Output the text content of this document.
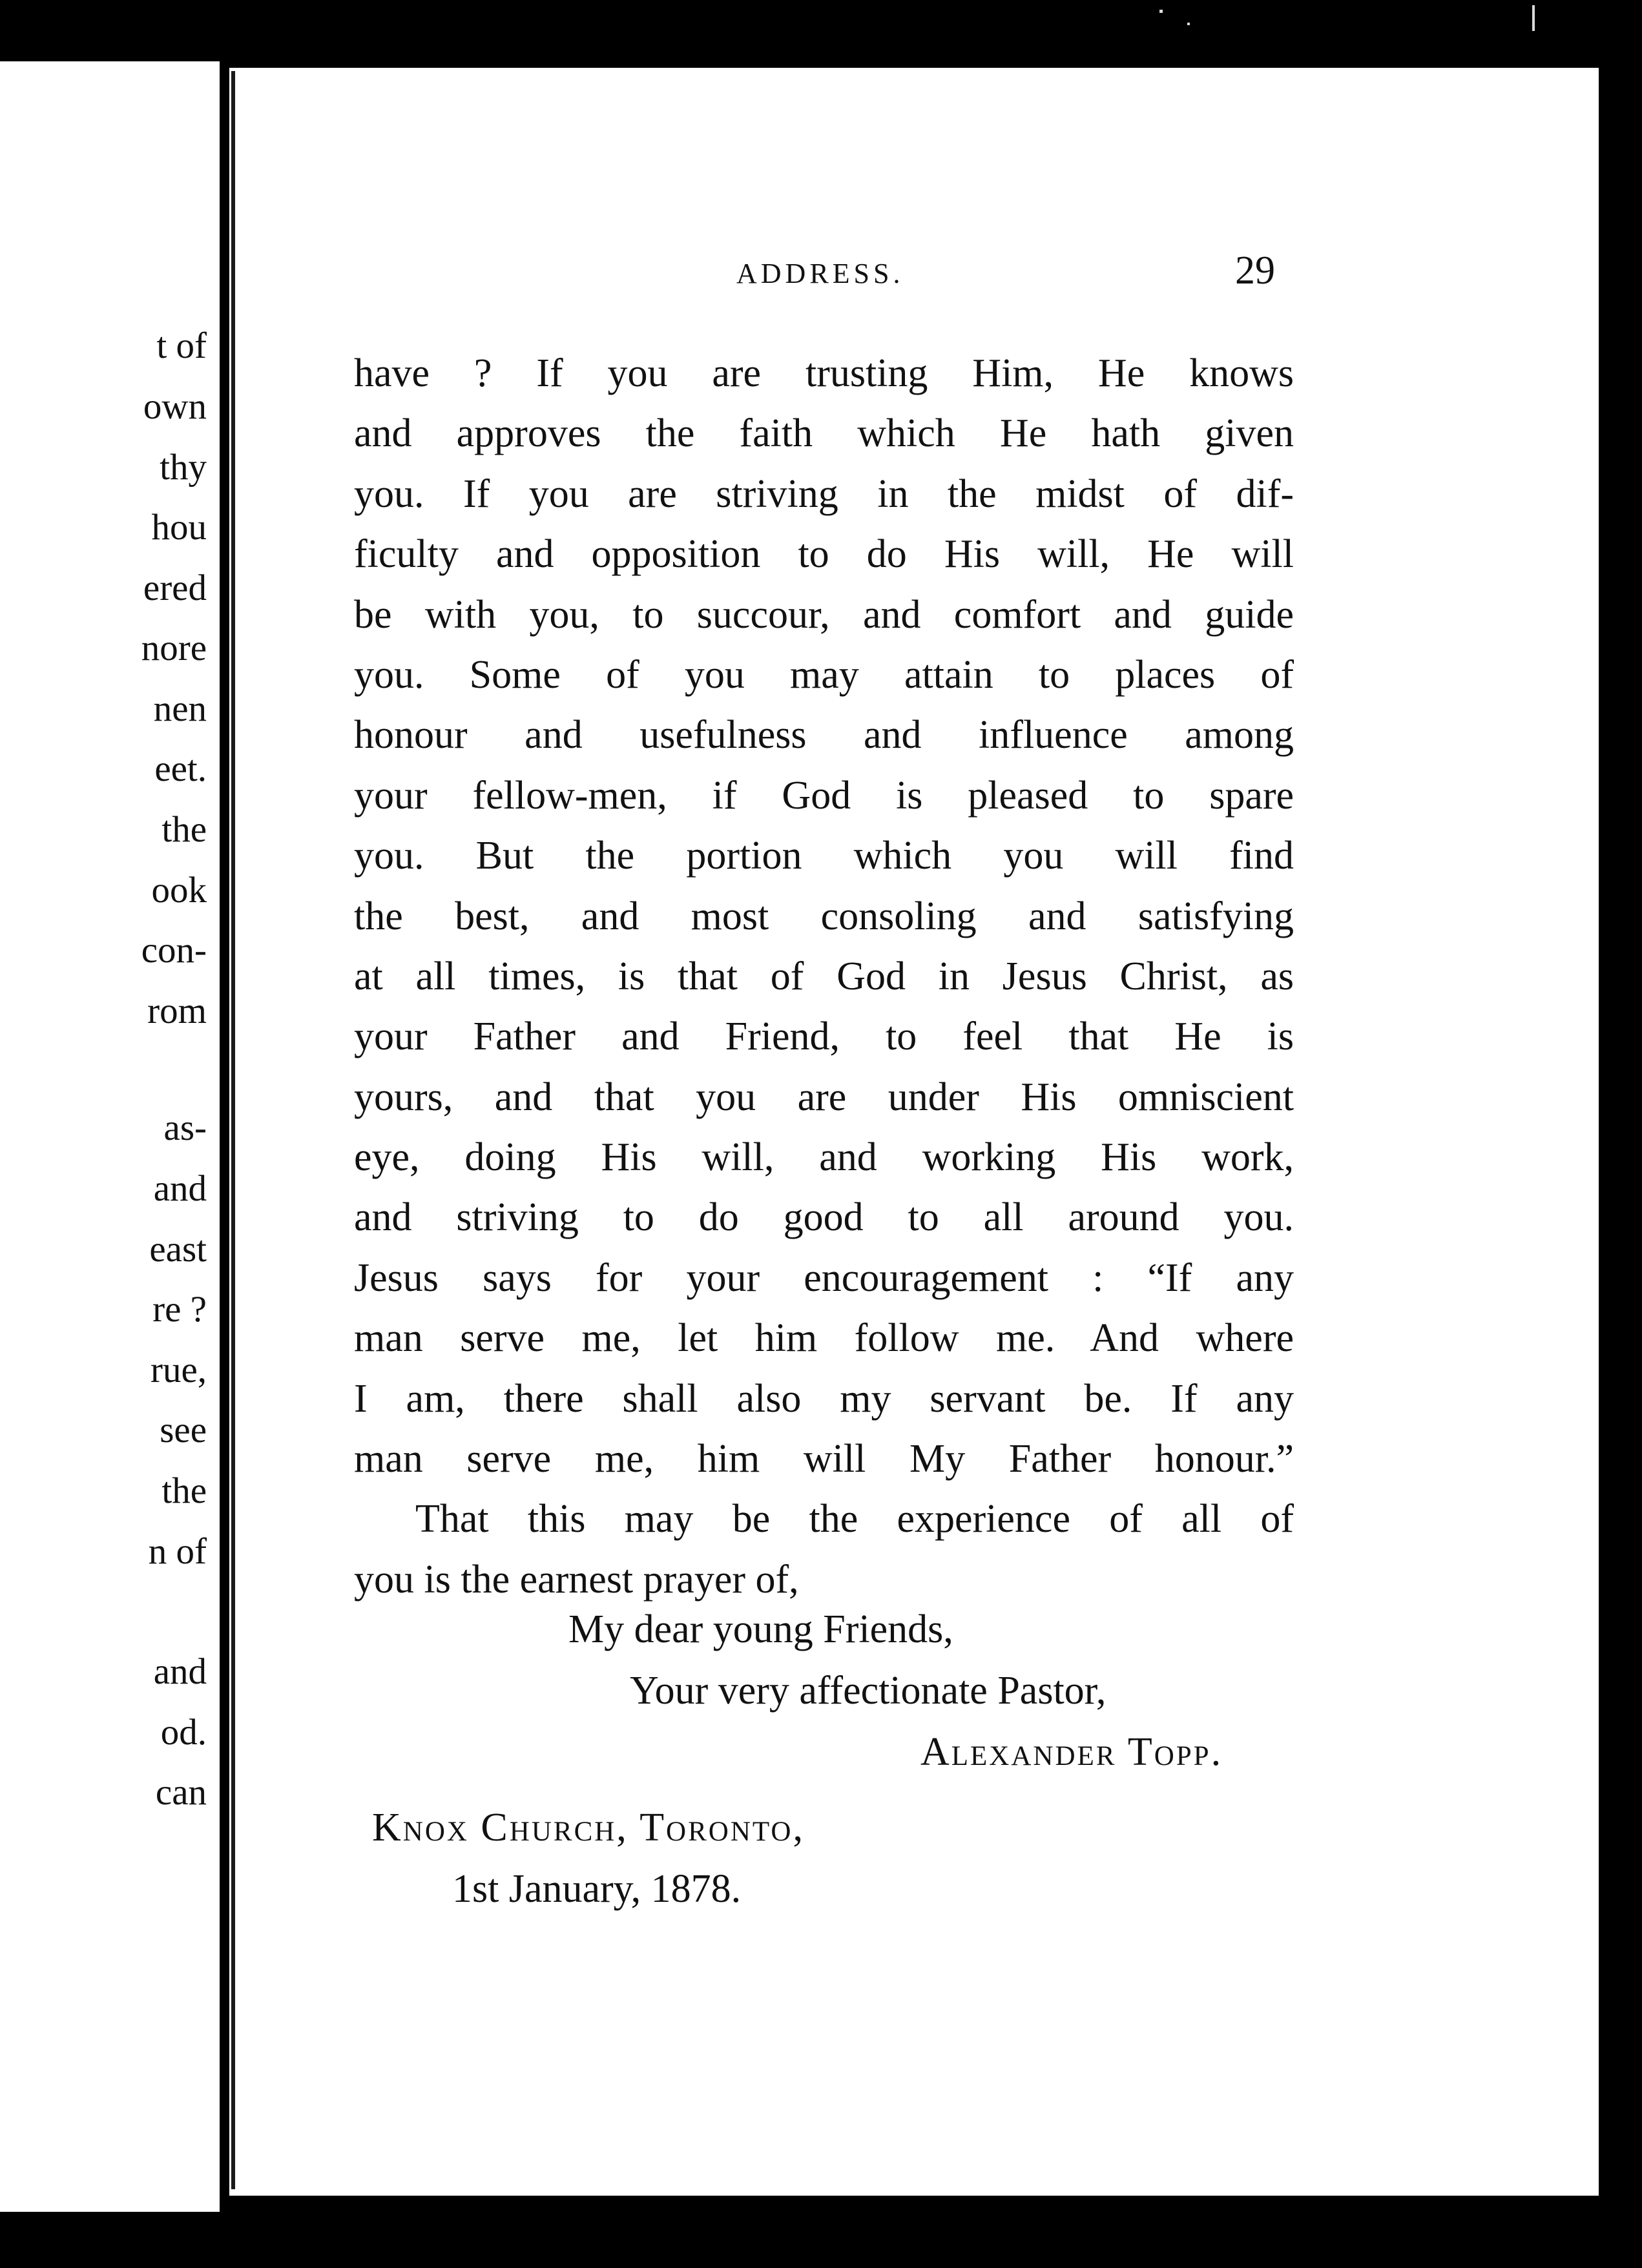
t of
own
thy
hou
ered
nore
nen
eet.
the
ook
con-
rom
as-
and
east
re ?
rue,
see
the
n of
and
od.
can
ADDRESS.	29
have ? If you are trusting Him, He knows
and approves the faith which He hath given
you. If you are striving in the midst of dif-
ficulty and opposition to do His will, He will
be with you, to succour, and comfort and guide
you. Some of you may attain to places of
honour and usefulness and influence among
your fellow-men, if God is pleased to spare
you. But the portion which you will find
the best, and most consoling and satisfying
at all times, is that of God in Jesus Christ, as
your Father and Friend, to feel that He is
yours, and that you are under His omniscient
eye, doing His will, and working His work,
and striving to do good to all around you.
Jesus says for your encouragement : “If any
man serve me, let him follow me. And where
I am, there shall also my servant be. If any
man serve me, him will My Father honour.”
That this may be the experience of all of
you is the earnest prayer of,
My dear young Friends,
Your very affectionate Pastor,
Alexander Topp.
Knox Church, Toronto,
1st January, 1878.
